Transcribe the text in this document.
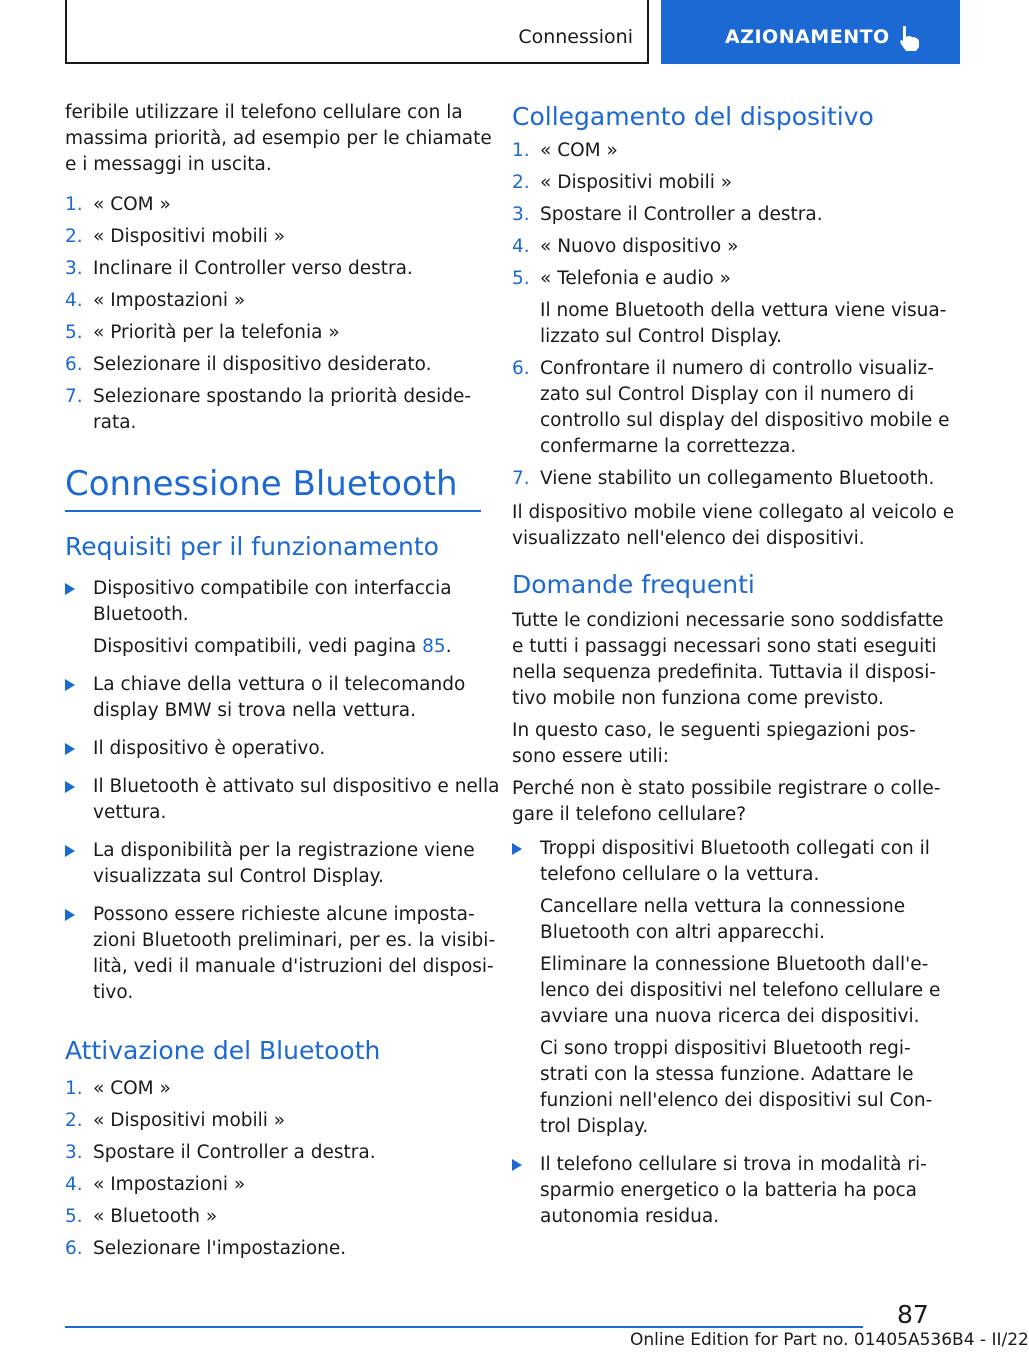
Connessioni	AZIONAMENTO
87
Online Edition for Part no. 01405A536B4 - II/22
feribile utilizzare il telefono cellulare con la
massima priorità, ad esempio per le chiamate
e i messaggi in uscita.
1. « COM »
2. « Dispositivi mobili »
3. Inclinare il Controller verso destra.
4. « Impostazioni »
5. « Priorità per la telefonia »
6. Selezionare il dispositivo desiderato.
7. Selezionare spostando la priorità deside-
rata.
Connessione Bluetooth
Requisiti per il funzionamento
Dispositivo compatibile con interfaccia
Bluetooth.
Dispositivi compatibili, vedi pagina 85.
La chiave della vettura o il telecomando
display BMW si trova nella vettura.
Il dispositivo è operativo.
Il Bluetooth è attivato sul dispositivo e nella
vettura.
La disponibilità per la registrazione viene
visualizzata sul Control Display.
Possono essere richieste alcune imposta-
zioni Bluetooth preliminari, per es. la visibi-
lità, vedi il manuale d'istruzioni del disposi-
tivo.
Attivazione del Bluetooth
1. « COM »
2. « Dispositivi mobili »
3. Spostare il Controller a destra.
4. « Impostazioni »
5. « Bluetooth »
6. Selezionare l'impostazione.
Collegamento del dispositivo
1. « COM »
2. « Dispositivi mobili »
3. Spostare il Controller a destra.
4. « Nuovo dispositivo »
5. « Telefonia e audio »
Il nome Bluetooth della vettura viene visua-
lizzato sul Control Display.
6. Confrontare il numero di controllo visualiz-
zato sul Control Display con il numero di
controllo sul display del dispositivo mobile e
confermarne la correttezza.
7. Viene stabilito un collegamento Bluetooth.
Il dispositivo mobile viene collegato al veicolo e
visualizzato nell'elenco dei dispositivi.
Domande frequenti
Tutte le condizioni necessarie sono soddisfatte
e tutti i passaggi necessari sono stati eseguiti
nella sequenza predefinita. Tuttavia il disposi-
tivo mobile non funziona come previsto.
In questo caso, le seguenti spiegazioni pos-
sono essere utili:
Perché non è stato possibile registrare o colle-
gare il telefono cellulare?
Troppi dispositivi Bluetooth collegati con il
telefono cellulare o la vettura.
Cancellare nella vettura la connessione
Bluetooth con altri apparecchi.
Eliminare la connessione Bluetooth dall'e-
lenco dei dispositivi nel telefono cellulare e
avviare una nuova ricerca dei dispositivi.
Ci sono troppi dispositivi Bluetooth regi-
strati con la stessa funzione. Adattare le
funzioni nell'elenco dei dispositivi sul Con-
trol Display.
Il telefono cellulare si trova in modalità ri-
sparmio energetico o la batteria ha poca
autonomia residua.
